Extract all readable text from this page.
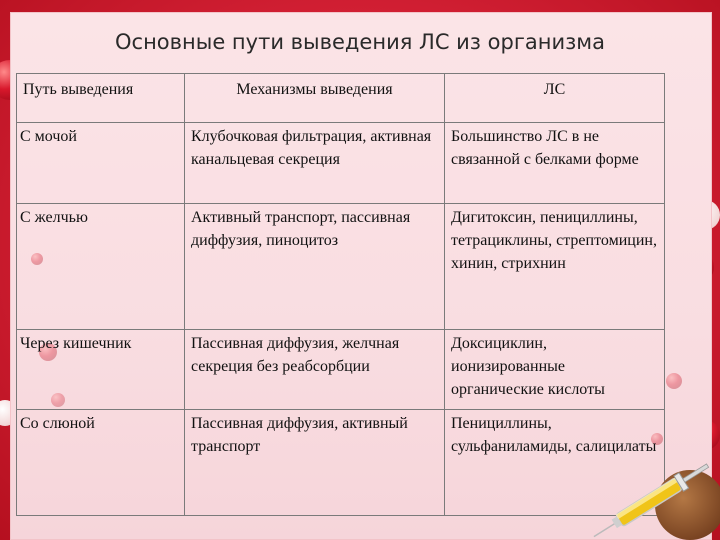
Основные пути выведения ЛС из организма
Путь выведения	Механизмы выведения	ЛС
С мочой	Клубочковая фильтрация, активная канальцевая секреция	Большинство ЛС в не связанной с белками форме
С желчью	Активный транспорт, пассивная диффузия, пиноцитоз	Дигитоксин, пенициллины, тетрациклины, стрептомицин, хинин, стрихнин
Через кишечник	Пассивная диффузия, желчная секреция без реабсорбции	Доксициклин, ионизированные органические кислоты
Со слюной	Пассивная диффузия, активный транспорт	Пенициллины, сульфаниламиды, салицилаты
